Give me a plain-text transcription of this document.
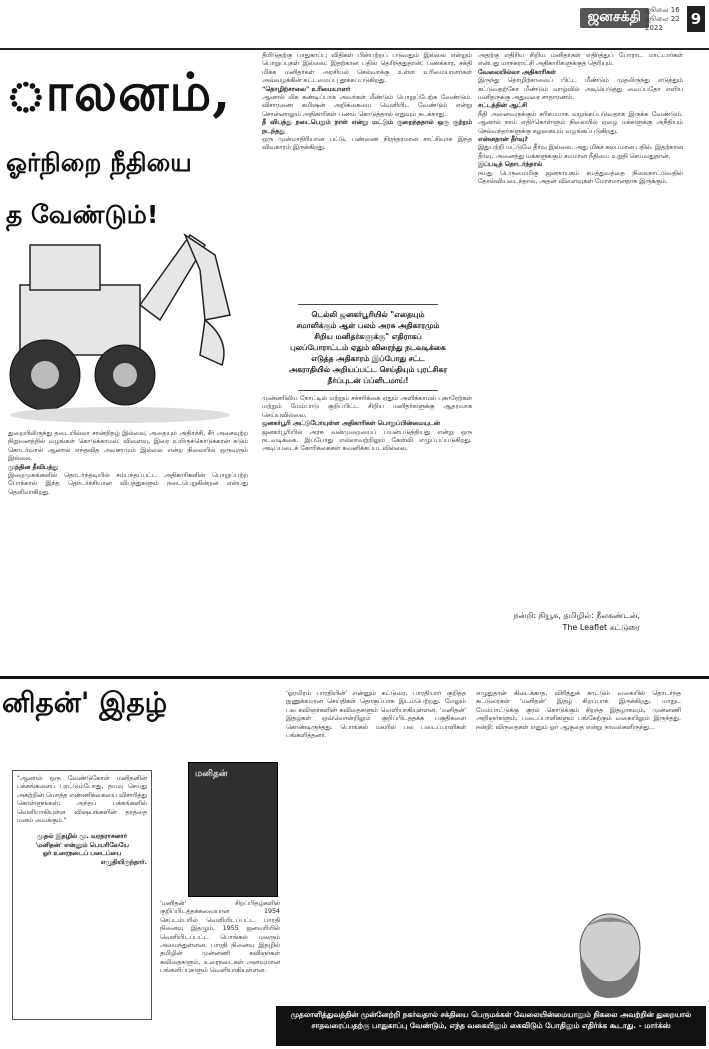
ஜனசக்தி ஜூலை 16
ஜூலை 22
2022	9
ாலனம்,
ஓர்நிறை நீதியை
த வேண்டும்!
துறையிலிருந்து தடையில்லா சான்றிதழ் இல்லை; அதையும் அதிர்ச்சி, சீர் அசைவுற்ற நிறுவனத்தில் வழங்கள் கொடுக்காமல்; விளைவு, இரை உயிருக்கொடுக்கான் கடும் கொடர்வால் ஆனால் எந்தவித அவசரமும் இல்லை என்ற நிலையில் ஒருவரும் இல்லை.
முந்தின தீவிபத்து
இறைமுகங்களில் தொடர்ந்தடியில் சம்பந்தப்பட்ட அதிகாரிகளின் பொறுப்பற்ற போக்கால் இந்த தொடர்ச்சியான விபத்துகளும் நடைபெறுகின்றன என்பது தெளிவாகிறது.
தீயிடுதற்கு பாதுகாப்பு விதிகள் பின்பற்றப் படுவதும் இல்லை என்றும் பொறுப்புகள் இல்லை; இதற்கான பதில் தெரிந்ததுதான்; பணக்கார, சக்தி மிக்க மனிதர்கள் அரசியல் செல்வாக்கு உள்ள உரிமையாளர்கள் அவ்வழக்கின் கட்டமைப்பு தூக்கப்படுகிறது.
"தொழிற்சாலை" உரிமையாளர்
ஆனால் மிக கண்டிப்பாக அவர்கள் மீண்டும் பொறுப்பேற்க வேண்டும். விசாரணை கமிஷன் அறிக்கையை வெளியிட வேண்டும் என்று சொன்னாலும் அதிகாரிகள் பணம் கொடுத்தால் எதுவும் நடக்காது.
தீ விபத்து நடைபெறும் நாள் என்று மட்டும் குறைந்ததால் ஒரு குற்றம் நடந்தது
ஒரு முன்மாதிரியான பட்டு, பண்ணை நிரந்தரமான சாட்சியாக இந்த விவகாரம் இருக்கிறது.
டெல்லி ஜனகர்பூரியில் "எதையும்
சமாளிக்கும் ஆள் பலம் அரசு அதிகாரமும்
சிறிய மனிதர்களுக்கு" எதிராகப்
புலப்போராட்டம் ஏதும் விரைந்து நடவடிக்கை
எடுத்த அதிகாரம் இப்போது சட்ட
அகராதியில் அறியப்பட்ட செய்தியும் புரட்சிகர
தீர்ப்புடன் ப்ப்ளிடமாய்!
முன்னரிலிய நோட்டில் மற்றும் சச்சரிக்கை ஏதும் அளிக்காமல் புகாரேற்கள் மற்றும் மேம்பாடு குறிப்பிட்ட சிறிய மனிதர்களுக்கு ஆதரவாக செய்யவில்லை.
ஜனகர்பூரி அட்டுபோயுள்ள அதிகாரிகள் பொறுப்பின்மையுடன்
ஜனகர்பூரியில் அரசு வன்முறையைப் பயன்படுத்தியது என்று ஒரு நடவடிக்கை. இப்போது எல்லாவற்றிலும் கேள்வி எழுப்பப்படுகிறது. அடிப்படைக் கோரிக்கைகள் கவனிக்கப்படவில்லை.
அதற்கு எதிரிய சிறிய மனிதர்கள் எதிர்த்துப் போராட மாட்டார்கள் என்பது மாநகராட்சி அதிகாரிகளுக்குத் தெரியும்.
வேலையில்லா அதிகாரிகள்
இருந்து தொழிற்சாலைப் பிட்ட மீண்டும் முதலிருந்து எடுத்தும் கட்டுவதற்கோ மீண்டும் வாழ்வில் அடியெடுத்து வைப்பதோ எளிய மனிதருக்கு அதுவரை சாதாரணம்.
சட்டத்தின் ஆட்சி
நீதி அனைவருக்கும் சரிசமமாக வழங்கப்படுவதாக இருக்க வேண்டும். ஆனால் நாம் எதிர்கொள்ளும் நிலையில் ஏழை மக்களுக்கு அநீதியும் செல்வந்தர்களுக்கு சலுகையும் வழங்கப்படுகிறது.
என்னதான் தீர்வு?
இதுபற்றி மட்டுமே தீர்வு இல்லை. அது மிகச் சுலபமான பதில். இதற்கான தீர்வு, அனைத்து மக்களுக்கும் சமமான நீதியை உறுதி செய்வதுதான்.
இப்படித் தொடர்ந்தால்
நமது பெருமைமிகு ஜனநாயகம் சமத்துவத்தை நிலைநாட்டுவதில் தோல்வியடைந்தால், அதன் விளைவுகள் மோசமானதாக இருக்கும்.
நன்றி: நியூசு, தமிழில்: நீலகண்டன்,
The Leaflet கட்டுரை
னிதன்' இதழ்
"ஆனால் ஒரு வேண்டுகோள் மனிதனின் பக்கங்களைப் புரட்டும்போது, தயவு செய்து அகற்றின் மொத்த எண்ணிக்கையை விசாரித்து கொள்ளுங்கள்; அந்தப் பக்கங்களில் வெளியாகியுள்ள விஷயங்களின் தரத்தை மனம் வைக்கும்."
முதல் இதழில் மு. வரதராசனார்
'மனிதன்' என்னும் பெயரிலேயே
ஓர் உரைநடைப் படைப்பை
எழுதியிருந்தார்.
மனிதன்
'மனிதன்' சிறப்பிதழ்களில் குறிப்பிடத்தக்கவையான 1954 செப்டம்பரில் வெளியிடப்பட்ட பாரதி நினைவு இதழும், 1955 ஜனவரியில் வெளியிடப்பட்ட பொங்கல் மலரும் அமைந்துள்ளன. பாரதி நினைவு இதழில் தமிழின் முன்னணி கவிஞர்கள் கவிதைகளும், உரைநடைகள் அளவுமான பங்களிப்புகளும் வெளியாகியுள்ளன.
'ஓரமிரம் பாரதியின்' என்னும் கட்டுரை, பாரதியார் குறித்த நுணுக்கமான செய்திகள் தொகுப்பாக இடம்பெற்றது. மேலும் பல கவிஞர்களின் கவிதைகளும் வெளியாகியுள்ளன. 'மனிதன்' இதழ்கள் ஒவ்வொன்றிலும் குறிப்பிடத்தக்க பகுதிகளை கொண்டிருந்தது. பொங்கல் மலரில் பல படைப்பாளிகள் பங்களித்தனர்.
எழுதுதான் கிடைக்காத, விரித்துக் காட்டும் வகையில் தொடர்ந்த கட்டுரைகள் 'மனிதன்' இதழ் சிறப்பாக இருக்கிறது. மாநுட மேம்பாட்டுக்கு குரல் கொடுக்கும் சிறந்த இதழாகவும், முன்னணி அறிஞர்களும், படைப்பாளிகளும் பங்கேற்கும் வகையிலும் இருந்தது. நன்றி: விருதைகள் எனும் ஓர் ஆகுதை என்று நாவல்களிருந்து...
முதலாளித்துவத்தின் முன்னேற்றி நகர்வதால் சக்தியை பெருமக்கள் வேலையின்மையாலும் நிகலை அவற்றின் துறையால் சாதவரைப்பதற்கு பாதுகாப்பு வேண்டும், எந்த வகையிலும் கைவிடும் போதிலும் எதிர்க்க கூடாது. - மார்க்ஸ்
